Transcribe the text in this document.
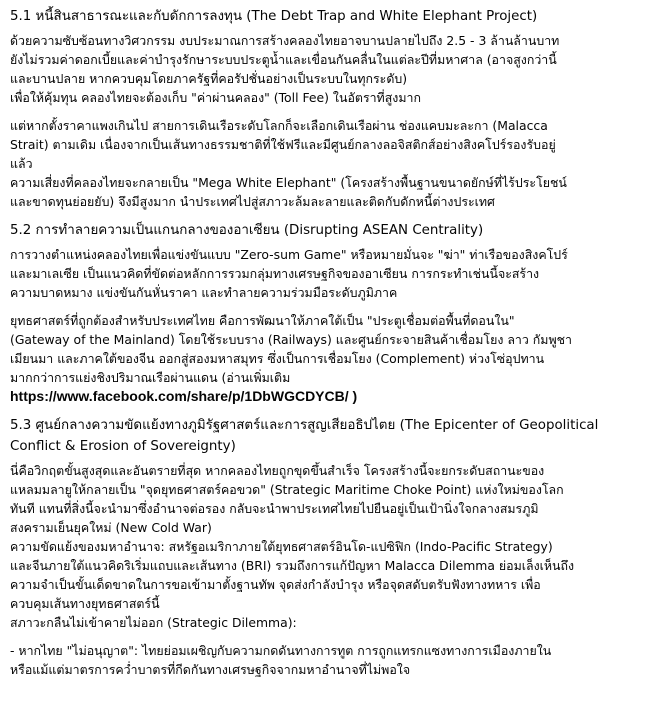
5.1 หนี้สินสาธารณะและกับดักการลงทุน (The Debt Trap and White Elephant Project)
ด้วยความซับซ้อนทางวิศวกรรม งบประมาณการสร้างคลองไทยอาจบานปลายไปถึง 2.5 - 3 ล้านล้านบาท
ยังไม่รวมค่าดอกเบี้ยและค่าบำรุงรักษาระบบประตูน้ำและเขื่อนกันคลื่นในแต่ละปีที่มหาศาล (อาจสูงกว่านี้
และบานปลาย หากควบคุมโดยภาครัฐที่คอรัปชั่นอย่างเป็นระบบในทุกระดับ)
เพื่อให้คุ้มทุน คลองไทยจะต้องเก็บ "ค่าผ่านคลอง" (Toll Fee) ในอัตราที่สูงมาก
แต่หากตั้งราคาแพงเกินไป สายการเดินเรือระดับโลกก็จะเลือกเดินเรือผ่าน ช่องแคบมะละกา (Malacca
Strait) ตามเดิม เนื่องจากเป็นเส้นทางธรรมชาติที่ใช้ฟรีและมีศูนย์กลางลอจิสติกส์อย่างสิงคโปร์รองรับอยู่
แล้ว
ความเสี่ยงที่คลองไทยจะกลายเป็น "Mega White Elephant" (โครงสร้างพื้นฐานขนาดยักษ์ที่ไร้ประโยชน์
และขาดทุนย่อยยับ) จึงมีสูงมาก นำประเทศไปสู่สภาวะล้มละลายและติดกับดักหนี้ต่างประเทศ
5.2 การทำลายความเป็นแกนกลางของอาเซียน (Disrupting ASEAN Centrality)
การวางตำแหน่งคลองไทยเพื่อแข่งขันแบบ "Zero-sum Game" หรือหมายมั่นจะ "ฆ่า" ท่าเรือของสิงคโปร์
และมาเลเซีย เป็นแนวคิดที่ขัดต่อหลักการรวมกลุ่มทางเศรษฐกิจของอาเซียน การกระทำเช่นนี้จะสร้าง
ความบาดหมาง แข่งขันกันหั่นราคา และทำลายความร่วมมือระดับภูมิภาค
ยุทธศาสตร์ที่ถูกต้องสำหรับประเทศไทย คือการพัฒนาให้ภาคใต้เป็น "ประตูเชื่อมต่อพื้นที่ดอนใน"
(Gateway of the Mainland) โดยใช้ระบบราง (Railways) และศูนย์กระจายสินค้าเชื่อมโยง ลาว กัมพูชา
เมียนมา และภาคใต้ของจีน ออกสู่สองมหาสมุทร ซึ่งเป็นการเชื่อมโยง (Complement) ห่วงโซ่อุปทาน
มากกว่าการแย่งชิงปริมาณเรือผ่านแดน (อ่านเพิ่มเติม
https://www.facebook.com/share/p/1DbWGCDYCB/ )
5.3 ศูนย์กลางความขัดแย้งทางภูมิรัฐศาสตร์และการสูญเสียอธิปไตย (The Epicenter of Geopolitical
Conflict & Erosion of Sovereignty)
นี่คือวิกฤตขั้นสูงสุดและอันตรายที่สุด หากคลองไทยถูกขุดขึ้นสำเร็จ โครงสร้างนี้จะยกระดับสถานะของ
แหลมมลายูให้กลายเป็น "จุดยุทธศาสตร์คอขวด" (Strategic Maritime Choke Point) แห่งใหม่ของโลก
ทันที แทนที่สิ่งนี้จะนำมาซึ่งอำนาจต่อรอง กลับจะนำพาประเทศไทยไปยืนอยู่เป็นเป้านิ่งใจกลางสมรภูมิ
สงครามเย็นยุคใหม่ (New Cold War)
ความขัดแย้งของมหาอำนาจ: สหรัฐอเมริกาภายใต้ยุทธศาสตร์อินโด-แปซิฟิก (Indo-Pacific Strategy)
และจีนภายใต้แนวคิดริเริ่มแถบและเส้นทาง (BRI) รวมถึงการแก้ปัญหา Malacca Dilemma ย่อมเล็งเห็นถึง
ความจำเป็นขั้นเด็ดขาดในการขอเข้ามาตั้งฐานทัพ จุดส่งกำลังบำรุง หรือจุดสดับตรับฟังทางทหาร เพื่อ
ควบคุมเส้นทางยุทธศาสตร์นี้
สภาวะกลืนไม่เข้าคายไม่ออก (Strategic Dilemma):
- หากไทย "ไม่อนุญาต": ไทยย่อมเผชิญกับความกดดันทางการทูต การถูกแทรกแซงทางการเมืองภายใน
หรือแม้แต่มาตรการคว่ำบาตรที่กีดกันทางเศรษฐกิจจากมหาอำนาจที่ไม่พอใจ
